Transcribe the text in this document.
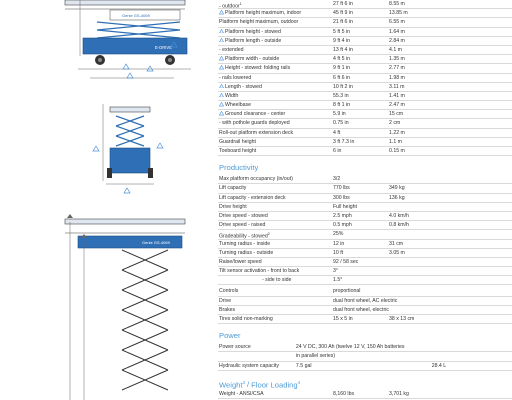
Genie GS-4069
E-DRIVE
Genie GS-4069
- outdoor$^1$	27 ft 6 in	8.55 m
Platform height maximum, indoor	45 ft 9 in	13.85 m
Platform height maximum, outdoor	21 ft 6 in	6.55 m
Platform height - stowed	5 ft 5 in	1.64 m
Platform length - outside	9 ft 4 in	2.84 m
- extended	13 ft 4 in	4.1 m
Platform width - outside	4 ft 5 in	1.35 m
Height - stowed: folding rails	9 ft 1 in	2.77 m
- rails lowered	6 ft 6 in	1.98 m
Length - stowed	10 ft 2 in	3.11 m
Width	55.3 in	1.41 m
Wheelbase	8 ft 1 in	2.47 m
Ground clearance - center	5.9 in	15 cm
- with pothole guards deployed	0.75 in	2 cm
Roll-out platform extension deck	4 ft	1.22 m
Guardrail height	3 ft 7.3 in	1.1 m
Toeboard height	6 in	0.15 m
Productivity
Max platform occupancy (in/out)	3/2
Lift capacity	770 lbs	349 kg
Lift capacity - extension deck	300 lbs	136 kg
Drive height	Full height
Drive speed - stowed	2.5 mph	4.0 km/h
Drive speed - raised	0.5 mph	0.8 km/h
Gradeability - stowed$^2$	25%
Turning radius - inside	12 in	31 cm
Turning radius - outside	10 ft	3.05 m
Raise/lower speed	92 / 58 sec
Tilt sensor activation - front to back	3°
- side to side	1.5°
Controls	proportional
Drive	dual front wheel, AC electric
Brakes	dual front wheel, electric
Tires solid non-marking	15 x 5 in	38 x 13 cm
Power
Power source	24 V DC, 300 Ah (twelve 12 V, 150 Ah batteries
in parallel series)
Hydraulic system capacity	7.5 gal	28.4 L
Weight$^3$ / Floor Loading$^4$
Weight - ANSI/CSA	8,160 lbs	3,701 kg
